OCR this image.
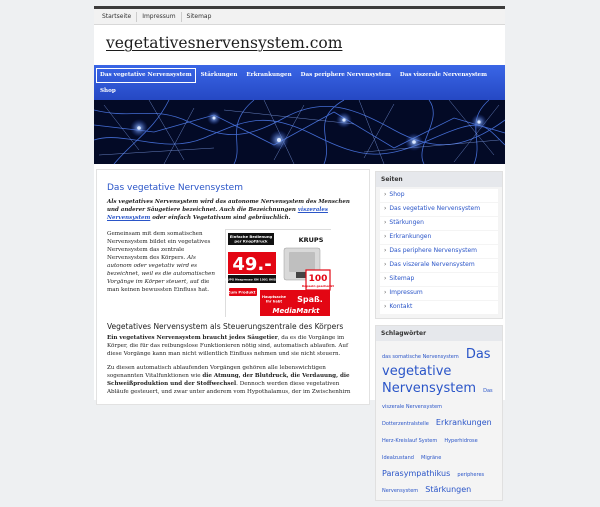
Startseite	Impressum	Sitemap
vegetativesnervensystem.com
Das vegetative Nervensystem	Stärkungen	Erkrankungen	Das periphere Nervensystem	Das viszerale Nervensystem
Shop
Das vegetative Nervensystem

Als vegetatives Nervensystem wird das autonome Nervensystem des Menschen und anderer Säugetiere bezeichnet. Auch die Bezeichnungen viszerales Nervensystem oder einfach Vegetativum sind gebräuchlich.

Gemeinsam mit dem somatischen Nervensystem bildet ein vegetatives Nervensystem das zentrale Nervensystem des Körpers. Als autonom oder vegetativ wird es bezeichnet, weil es die automatischen Vorgänge im Körper steuert, auf die man keinen bewussten Einfluss hat.

Einfache Bedienung per Knopfdruck	KRUPS
49.-
KRUPS Nespresso XN 1001 INISSIA	100
Kapseln geschenkt
Zum Produkt ›
Hauptsache
Ihr habt Spaß.
MediaMarkt
Vegetatives Nervensystem als Steuerungszentrale des Körpers

Ein vegetatives Nervensystem braucht jedes Säugetier, da es die Vorgänge im Körper, die für das reibungslose Funktionieren nötig sind, automatisch ablaufen. Auf diese Vorgänge kann man nicht willentlich Einfluss nehmen und sie nicht steuern.

Zu diesen automatisch ablaufenden Vorgängen gehören alle lebenswichtigen sogenannten Vitalfunktionen wie die Atmung, der Blutdruck, die Verdauung, die Schweißproduktion und der Stoffwechsel. Dennoch werden diese vegetativen Abläufe gesteuert, und zwar unter anderem vom Hypothalamus, der im Zwischenhirn

Seiten
› Shop
› Das vegetative Nervensystem
› Stärkungen
› Erkrankungen
› Das periphere Nervensystem
› Das viszerale Nervensystem
› Sitemap
› Impressum
› Kontakt
Schlagwörter
das somatische Nervensystem Das vegetative Nervensystem Das viszerale Nervensystem Dotterzentralstelle Erkrankungen Herz-Kreislauf System Hyperhidrose Idealzustand Migräne Parasympathikus peripheres Nervensystem Stärkungen
